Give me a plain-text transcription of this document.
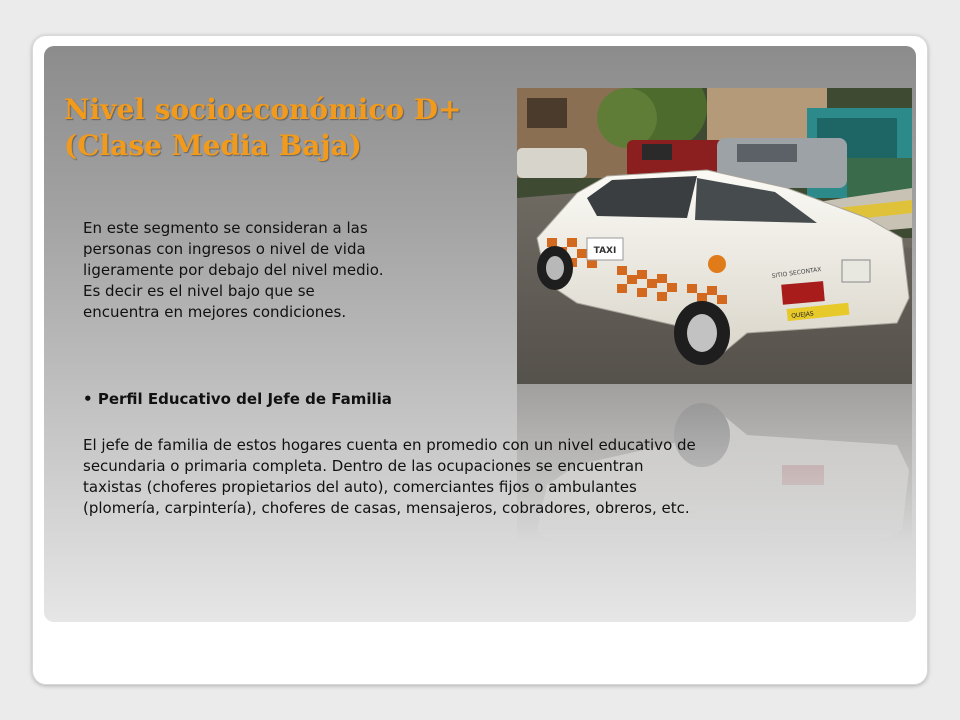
Nivel socioeconómico D+
(Clase Media Baja)
TAXI
SITIO SECONTAX
QUEJAS
En este segmento se consideran a las
personas con ingresos o nivel de vida
ligeramente por debajo del nivel medio.
Es decir es el nivel bajo que se
encuentra en mejores condiciones.
• Perfil Educativo del Jefe de Familia
El jefe de familia de estos hogares cuenta en promedio con un nivel educativo de
secundaria o primaria completa. Dentro de las ocupaciones se encuentran
taxistas (choferes propietarios del auto), comerciantes fijos o ambulantes
(plomería, carpintería), choferes de casas, mensajeros, cobradores, obreros, etc.
